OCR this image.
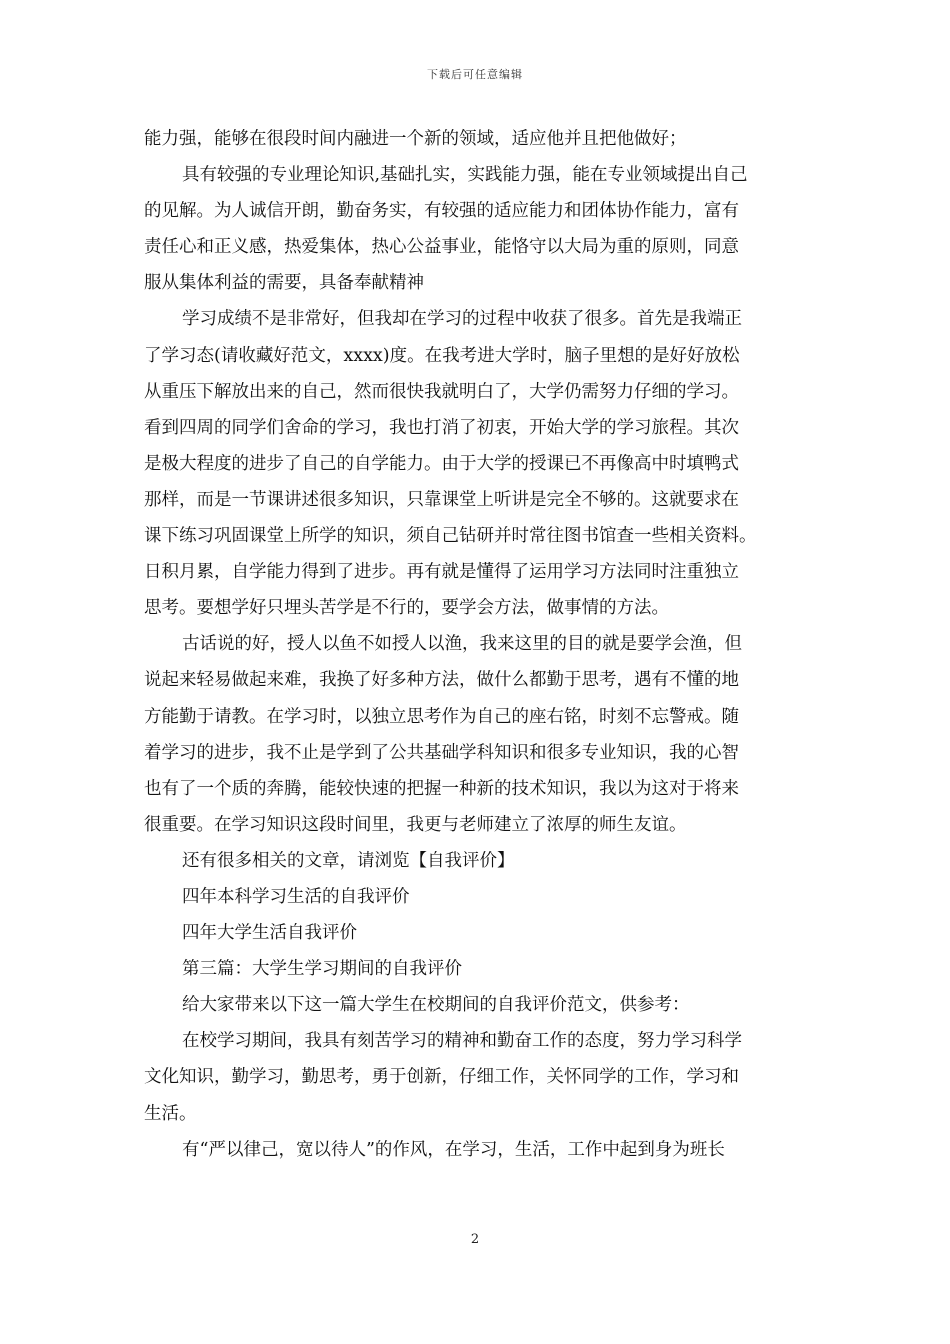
下载后可任意编辑
能力强，能够在很段时间内融进一个新的领域，适应他并且把他做好；
具有较强的专业理论知识,基础扎实，实践能力强，能在专业领域提出自己
的见解。为人诚信开朗，勤奋务实，有较强的适应能力和团体协作能力，富有
责任心和正义感，热爱集体，热心公益事业，能恪守以大局为重的原则，同意
服从集体利益的需要，具备奉献精神
学习成绩不是非常好，但我却在学习的过程中收获了很多。首先是我端正
了学习态(请收藏好范文，xxxx)度。在我考进大学时，脑子里想的是好好放松
从重压下解放出来的自己，然而很快我就明白了，大学仍需努力仔细的学习。
看到四周的同学们舍命的学习，我也打消了初衷，开始大学的学习旅程。其次
是极大程度的进步了自己的自学能力。由于大学的授课已不再像高中时填鸭式
那样，而是一节课讲述很多知识，只靠课堂上听讲是完全不够的。这就要求在
课下练习巩固课堂上所学的知识，须自己钻研并时常往图书馆查一些相关资料。
日积月累，自学能力得到了进步。再有就是懂得了运用学习方法同时注重独立
思考。要想学好只埋头苦学是不行的，要学会方法，做事情的方法。
古话说的好，授人以鱼不如授人以渔，我来这里的目的就是要学会渔，但
说起来轻易做起来难，我换了好多种方法，做什么都勤于思考，遇有不懂的地
方能勤于请教。在学习时，以独立思考作为自己的座右铭，时刻不忘警戒。随
着学习的进步，我不止是学到了公共基础学科知识和很多专业知识，我的心智
也有了一个质的奔腾，能较快速的把握一种新的技术知识，我以为这对于将来
很重要。在学习知识这段时间里，我更与老师建立了浓厚的师生友谊。
还有很多相关的文章，请浏览【自我评价】
四年本科学习生活的自我评价
四年大学生活自我评价
第三篇：大学生学习期间的自我评价
给大家带来以下这一篇大学生在校期间的自我评价范文，供参考：
在校学习期间，我具有刻苦学习的精神和勤奋工作的态度，努力学习科学
文化知识，勤学习，勤思考，勇于创新，仔细工作，关怀同学的工作，学习和
生活。
有“严以律己，宽以待人”的作风，在学习，生活，工作中起到身为班长
2
